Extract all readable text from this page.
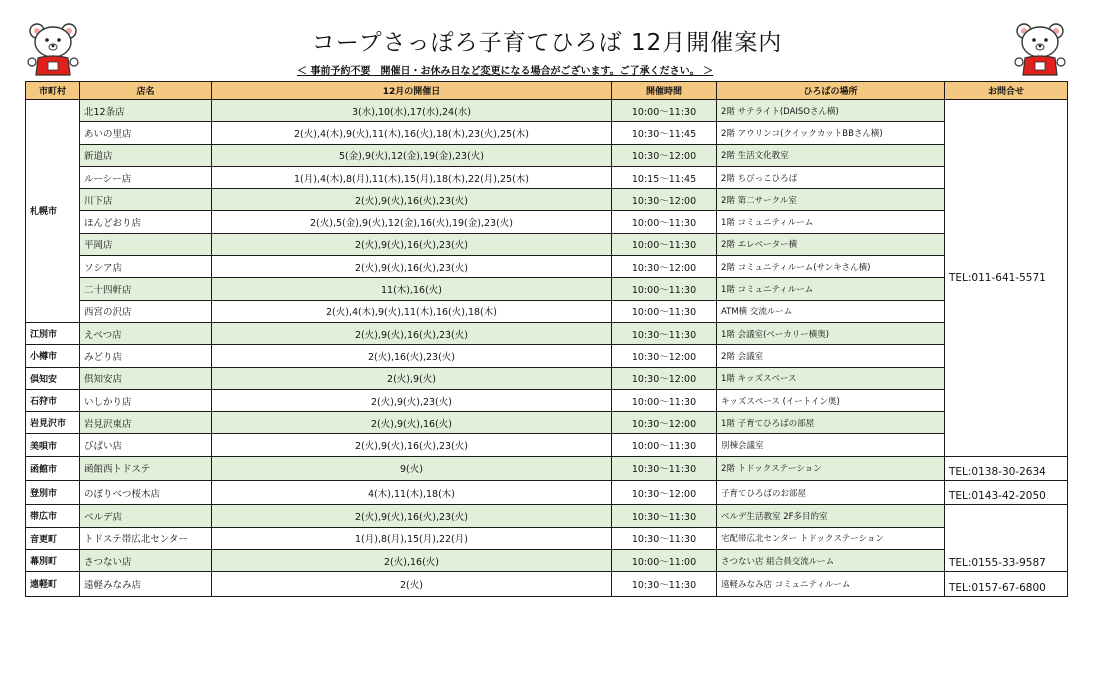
コープさっぽろ子育てひろば 12月開催案内
＜ 事前予約不要　開催日・お休み日など変更になる場合がございます。ご了承ください。 ＞
市町村	店名	12月の開催日	開催時間	ひろばの場所	お問合せ
札幌市	北12条店	3(水),10(水),17(水),24(水)	10:00～11:30	2階 サテライト(DAISOさん横)	TEL:011-641-5571
	あいの里店	2(火),4(木),9(火),11(木),16(火),18(木),23(火),25(木)	10:30～11:45	2階 アウリンコ(クイックカットBBさん横)	
	新道店	5(金),9(火),12(金),19(金),23(火)	10:30～12:00	2階 生活文化教室	
	ルーシー店	1(月),4(木),8(月),11(木),15(月),18(木),22(月),25(木)	10:15～11:45	2階 ちびっこひろば	
	川下店	2(火),9(火),16(火),23(火)	10:30～12:00	2階 第二サークル室	
	ほんどおり店	2(火),5(金),9(火),12(金),16(火),19(金),23(火)	10:00～11:30	1階 コミュニティルーム	
	平岡店	2(火),9(火),16(火),23(火)	10:00～11:30	2階 エレベーター横	
	ソシア店	2(火),9(火),16(火),23(火)	10:30～12:00	2階 コミュニティルーム(サンキさん横)	
	二十四軒店	11(木),16(火)	10:00～11:30	1階 コミュニティルーム	
	西宮の沢店	2(火),4(木),9(火),11(木),16(火),18(木)	10:00～11:30	ATM横 交流ルーム	
江別市	えべつ店	2(火),9(火),16(火),23(火)	10:30～11:30	1階 会議室(ベーカリー横奥)	
小樽市	みどり店	2(火),16(火),23(火)	10:30～12:00	2階 会議室	
倶知安	倶知安店	2(火),9(火)	10:30～12:00	1階 キッズスペース	
石狩市	いしかり店	2(火),9(火),23(火)	10:00～11:30	キッズスペース (イートイン奥)	
岩見沢市	岩見沢東店	2(火),9(火),16(火)	10:30～12:00	1階 子育てひろばの部屋	
美唄市	びばい店	2(火),9(火),16(火),23(火)	10:00～11:30	別棟会議室	
函館市	函館西トドステ	9(火)	10:30～11:30	2階 トドックステーション	TEL:0138-30-2634
登別市	のぼりべつ桜木店	4(木),11(木),18(木)	10:30～12:00	子育てひろばのお部屋	TEL:0143-42-2050
帯広市	ベルデ店	2(火),9(火),16(火),23(火)	10:30～11:30	ベルデ生活教室 2F多目的室	TEL:0155-33-9587
音更町	トドステ帯広北センター	1(月),8(月),15(月),22(月)	10:30～11:30	宅配帯広北センター トドックステーション	
幕別町	さつない店	2(火),16(火)	10:00～11:00	さつない店 組合員交流ルーム	
遠軽町	遠軽みなみ店	2(火)	10:30～11:30	遠軽みなみ店 コミュニティルーム	TEL:0157-67-6800
